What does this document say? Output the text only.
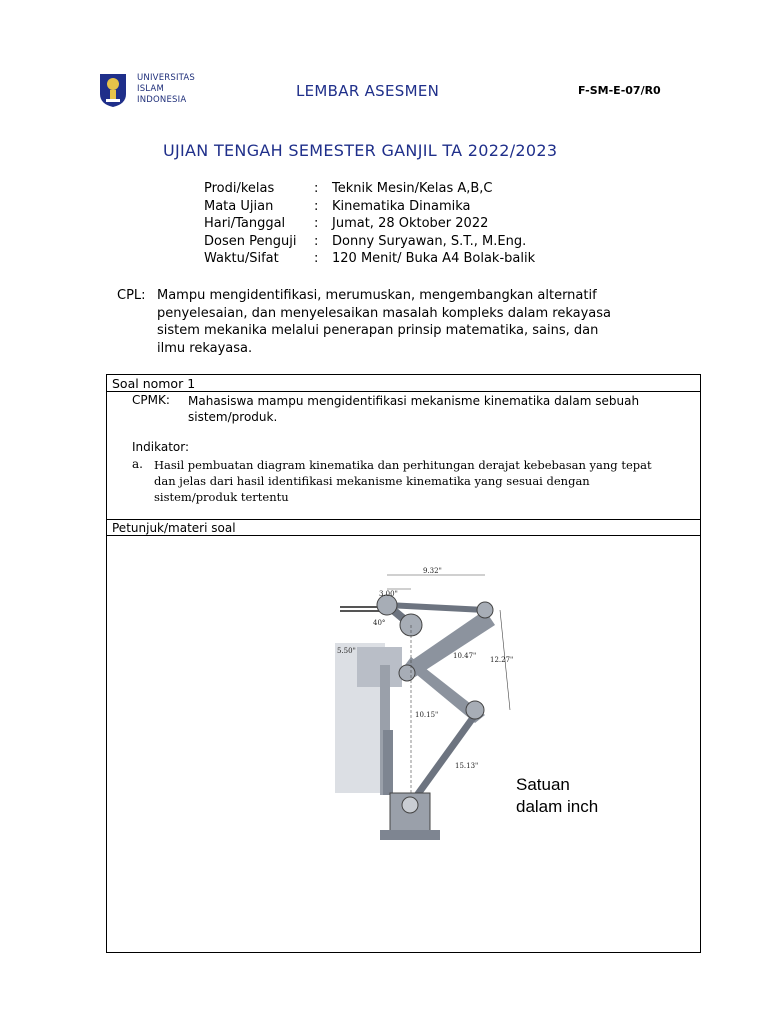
UNIVERSITAS
ISLAM
INDONESIA	LEMBAR ASESMEN	F-SM-E-07/R0
UJIAN TENGAH SEMESTER GANJIL TA 2022/2023
Prodi/kelas	:	Teknik Mesin/Kelas A,B,C
Mata Ujian	:	Kinematika Dinamika
Hari/Tanggal	:	Jumat, 28 Oktober 2022
Dosen Penguji	:	Donny Suryawan, S.T., M.Eng.
Waktu/Sifat	:	120 Menit/ Buka A4 Bolak-balik
CPL: Mampu mengidentifikasi, merumuskan, mengembangkan alternatif
penyelesaian, dan menyelesaikan masalah kompleks dalam rekayasa
sistem mekanika melalui penerapan prinsip matematika, sains, dan
ilmu rekayasa.
Soal nomor 1
CPMK: Mahasiswa mampu mengidentifikasi mekanisme kinematika dalam sebuah
sistem/produk.
Indikator:
a. Hasil pembuatan diagram kinematika dan perhitungan derajat kebebasan yang tepat
dan jelas dari hasil identifikasi mekanisme kinematika yang sesuai dengan
sistem/produk tertentu
Petunjuk/materi soal
9.32"
3.00"
40°
5.50"
10.47" 12.27"
10.15"
15.13"
Satuan
dalam inch
